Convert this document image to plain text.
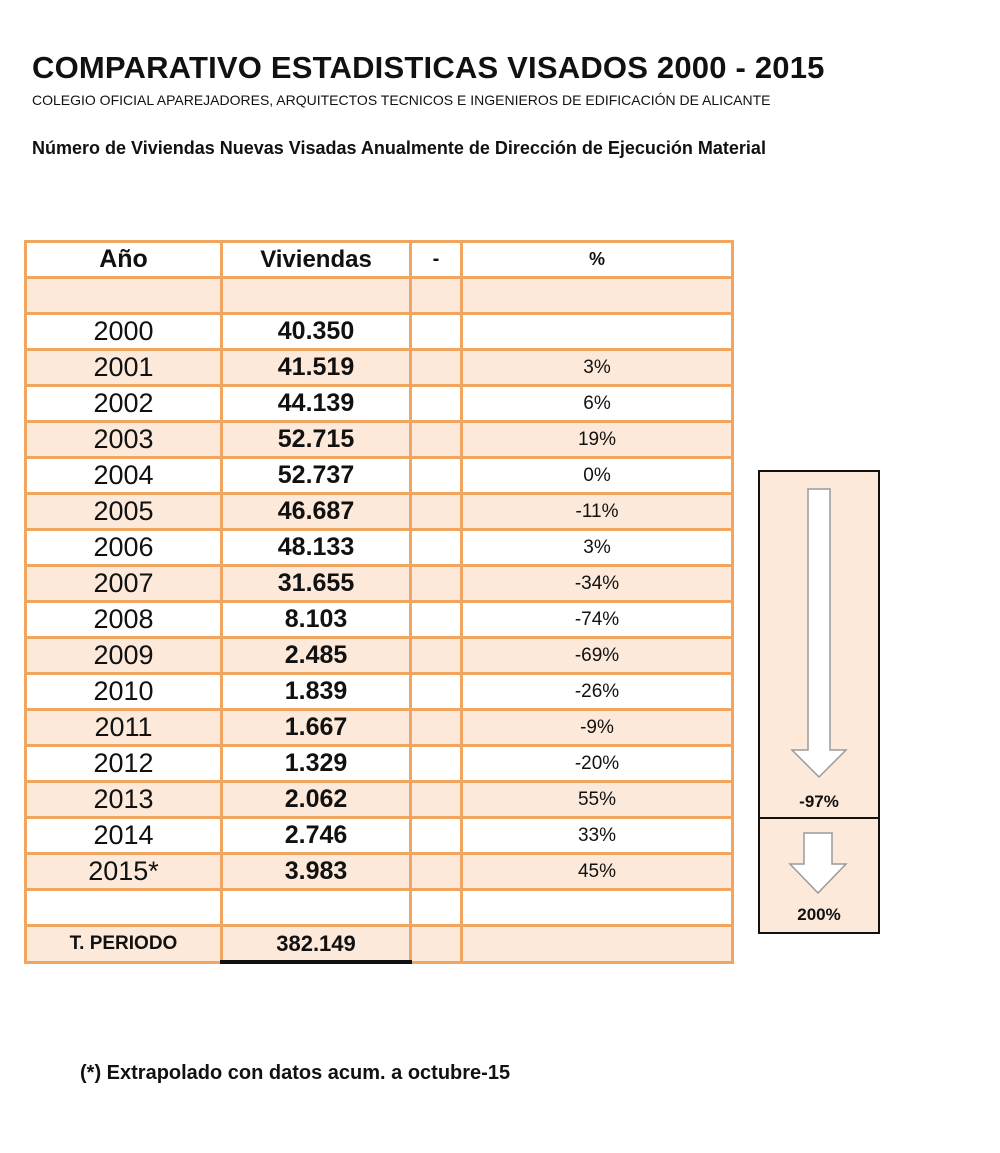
COMPARATIVO ESTADISTICAS VISADOS 2000 - 2015
COLEGIO OFICIAL APAREJADORES, ARQUITECTOS TECNICOS E INGENIEROS DE EDIFICACIÓN DE ALICANTE
Número de Viviendas Nuevas Visadas Anualmente de Dirección de Ejecución Material
Año	Viviendas	-	%

2000	40.350		
2001	41.519		3%
2002	44.139		6%
2003	52.715		19%
2004	52.737		0%
2005	46.687		-11%
2006	48.133		3%
2007	31.655		-34%
2008	8.103		-74%
2009	2.485		-69%
2010	1.839		-26%
2011	1.667		-9%
2012	1.329		-20%
2013	2.062		55%
2014	2.746		33%
2015*	3.983		45%

T. PERIODO	382.149		
-97%
200%
(*) Extrapolado con datos acum. a octubre-15
